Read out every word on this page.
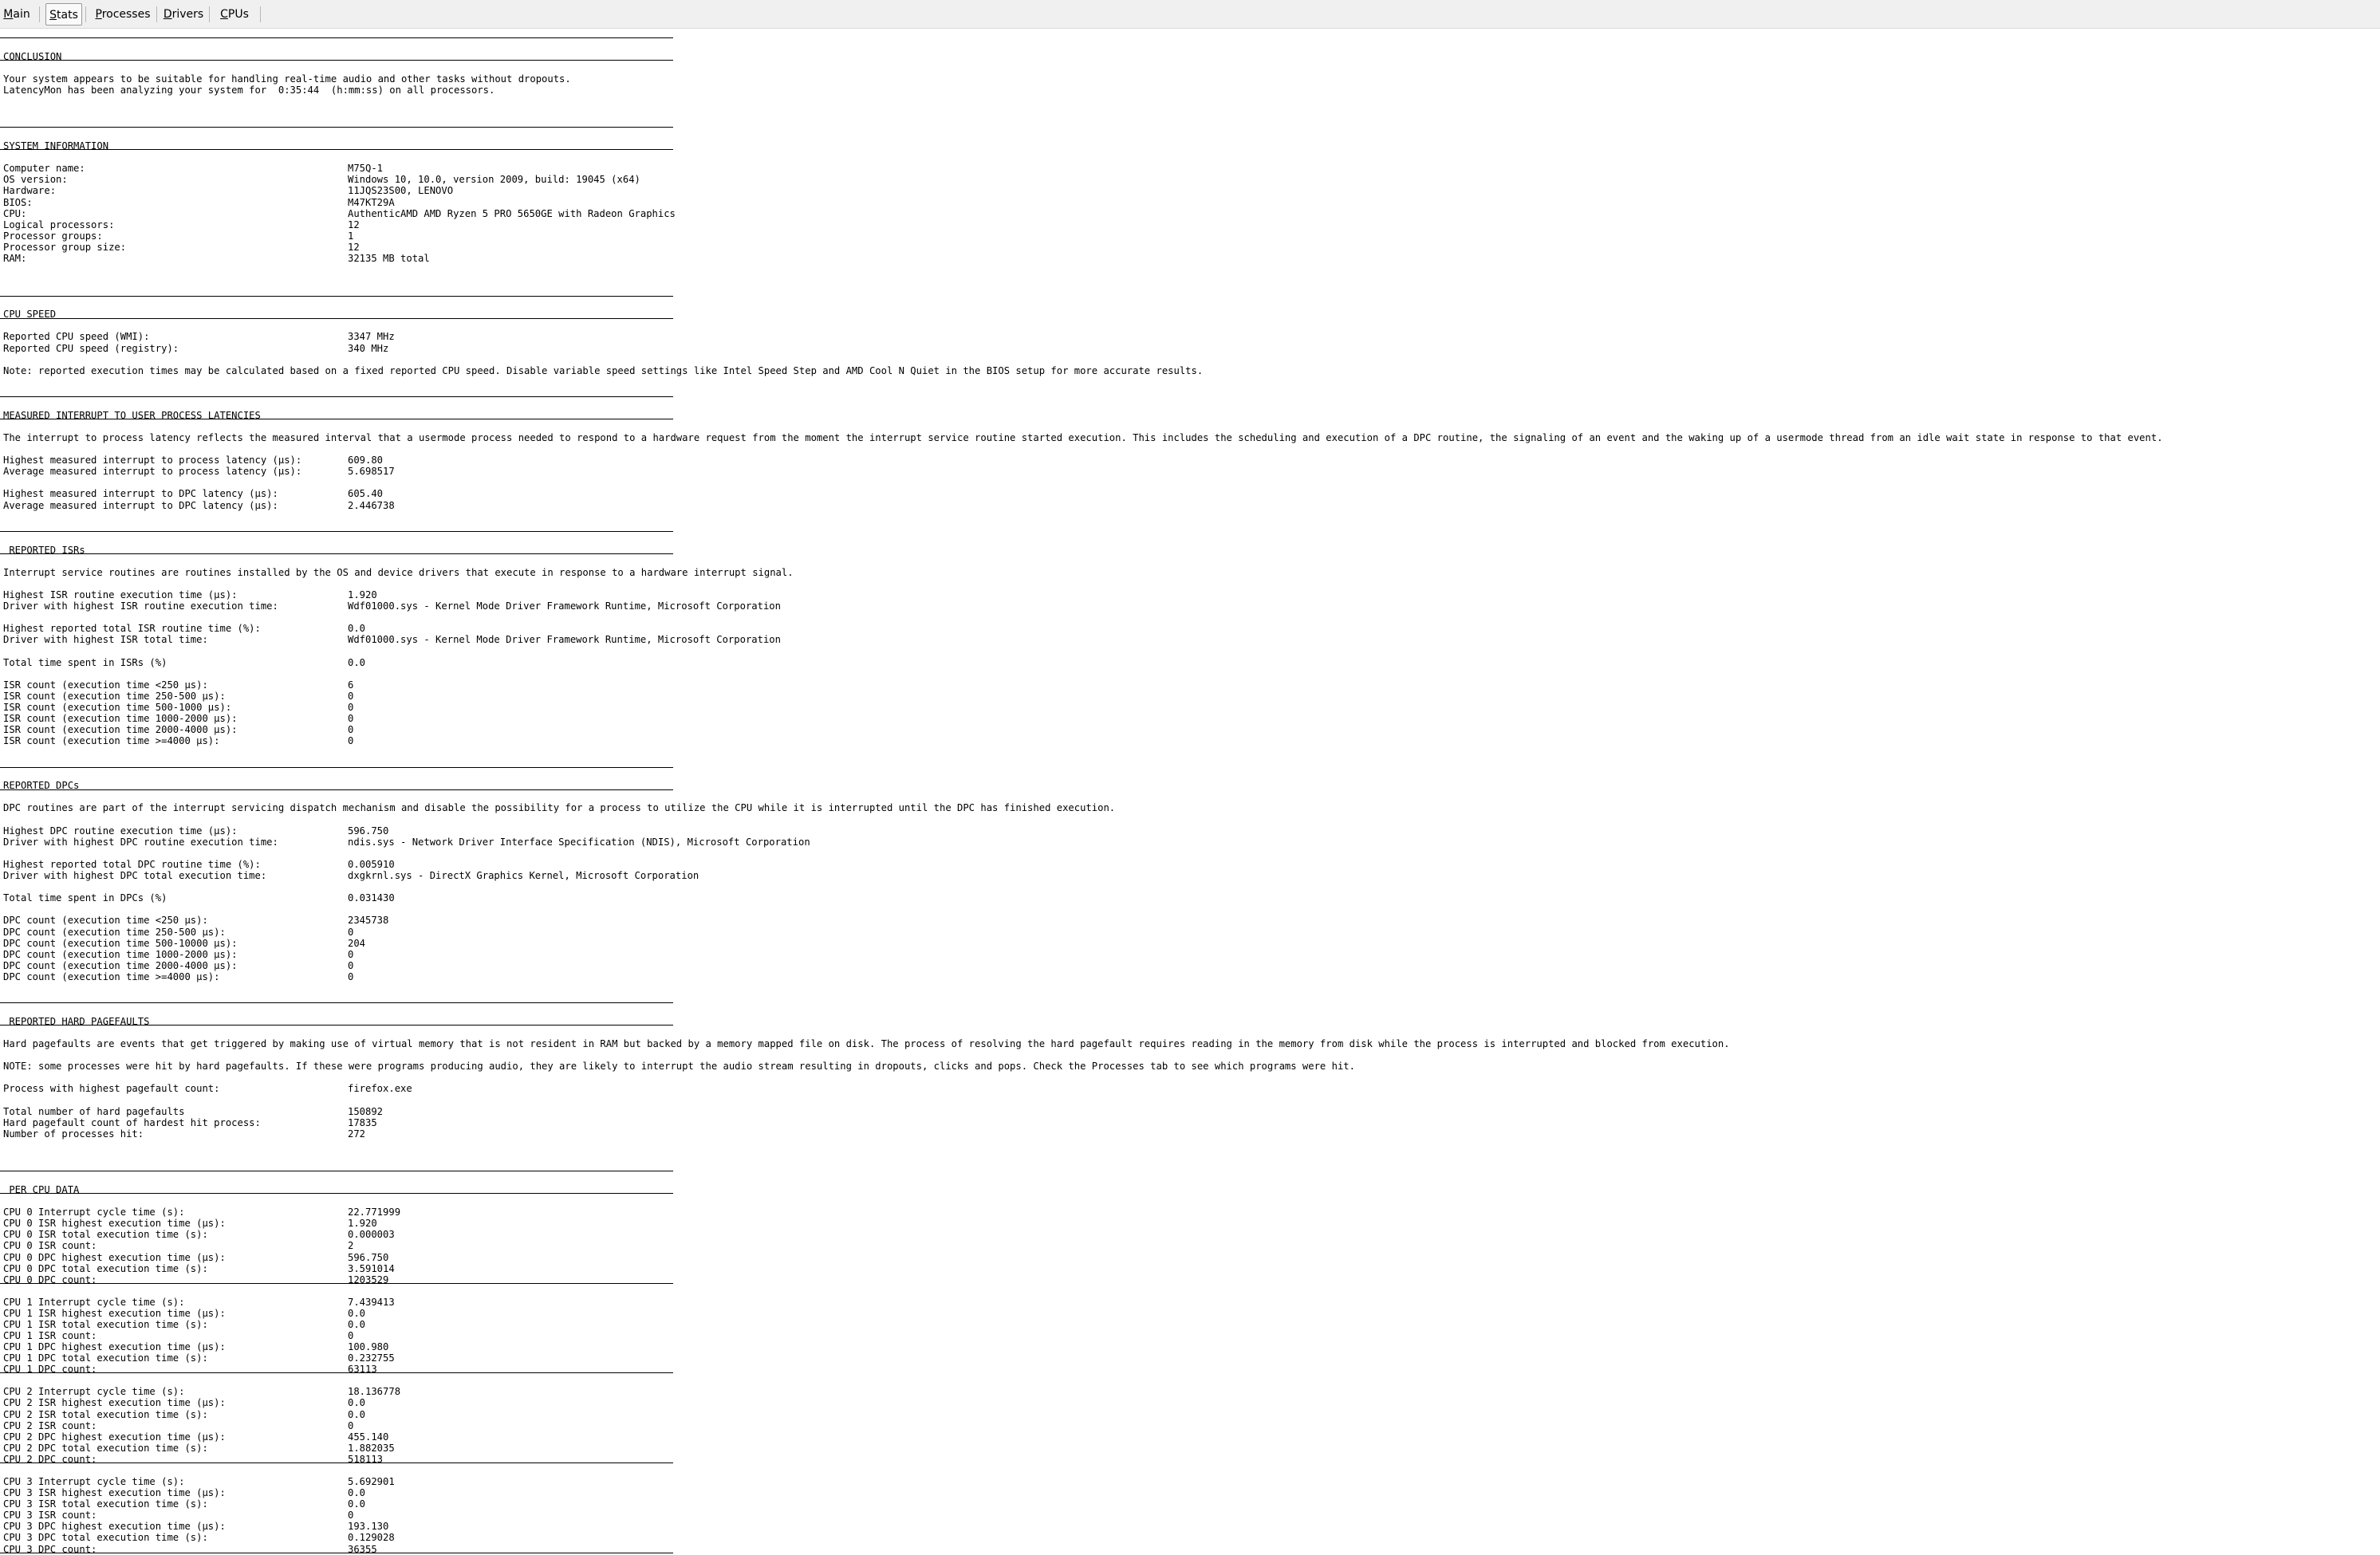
Main	Stats	Processes	Drivers	CPUs
CONCLUSION
Your system appears to be suitable for handling real-time audio and other tasks without dropouts.
LatencyMon has been analyzing your system for  0:35:44  (h:mm:ss) on all processors.
SYSTEM INFORMATION
Computer name:	M75Q-1
OS version:	Windows 10, 10.0, version 2009, build: 19045 (x64)
Hardware:	11JQS23S00, LENOVO
BIOS:	M47KT29A
CPU:	AuthenticAMD AMD Ryzen 5 PRO 5650GE with Radeon Graphics
Logical processors:	12
Processor groups:	1
Processor group size:	12
RAM:	32135 MB total
CPU SPEED
Reported CPU speed (WMI):	3347 MHz
Reported CPU speed (registry):	340 MHz
Note: reported execution times may be calculated based on a fixed reported CPU speed. Disable variable speed settings like Intel Speed Step and AMD Cool N Quiet in the BIOS setup for more accurate results.
MEASURED INTERRUPT TO USER PROCESS LATENCIES
The interrupt to process latency reflects the measured interval that a usermode process needed to respond to a hardware request from the moment the interrupt service routine started execution. This includes the scheduling and execution of a DPC routine, the signaling of an event and the waking up of a usermode thread from an idle wait state in response to that event.
Highest measured interrupt to process latency (µs):	609.80
Average measured interrupt to process latency (µs):	5.698517
Highest measured interrupt to DPC latency (µs):	605.40
Average measured interrupt to DPC latency (µs):	2.446738
REPORTED ISRs
Interrupt service routines are routines installed by the OS and device drivers that execute in response to a hardware interrupt signal.
Highest ISR routine execution time (µs):	1.920
Driver with highest ISR routine execution time:	Wdf01000.sys - Kernel Mode Driver Framework Runtime, Microsoft Corporation
Highest reported total ISR routine time (%):	0.0
Driver with highest ISR total time:	Wdf01000.sys - Kernel Mode Driver Framework Runtime, Microsoft Corporation
Total time spent in ISRs (%)	0.0
ISR count (execution time <250 µs):	6
ISR count (execution time 250-500 µs):	0
ISR count (execution time 500-1000 µs):	0
ISR count (execution time 1000-2000 µs):	0
ISR count (execution time 2000-4000 µs):	0
ISR count (execution time >=4000 µs):	0
REPORTED DPCs
DPC routines are part of the interrupt servicing dispatch mechanism and disable the possibility for a process to utilize the CPU while it is interrupted until the DPC has finished execution.
Highest DPC routine execution time (µs):	596.750
Driver with highest DPC routine execution time:	ndis.sys - Network Driver Interface Specification (NDIS), Microsoft Corporation
Highest reported total DPC routine time (%):	0.005910
Driver with highest DPC total execution time:	dxgkrnl.sys - DirectX Graphics Kernel, Microsoft Corporation
Total time spent in DPCs (%)	0.031430
DPC count (execution time <250 µs):	2345738
DPC count (execution time 250-500 µs):	0
DPC count (execution time 500-10000 µs):	204
DPC count (execution time 1000-2000 µs):	0
DPC count (execution time 2000-4000 µs):	0
DPC count (execution time >=4000 µs):	0
REPORTED HARD PAGEFAULTS
Hard pagefaults are events that get triggered by making use of virtual memory that is not resident in RAM but backed by a memory mapped file on disk. The process of resolving the hard pagefault requires reading in the memory from disk while the process is interrupted and blocked from execution.
NOTE: some processes were hit by hard pagefaults. If these were programs producing audio, they are likely to interrupt the audio stream resulting in dropouts, clicks and pops. Check the Processes tab to see which programs were hit.
Process with highest pagefault count:	firefox.exe
Total number of hard pagefaults	150892
Hard pagefault count of hardest hit process:	17835
Number of processes hit:	272
PER CPU DATA
CPU 0 Interrupt cycle time (s):	22.771999
CPU 0 ISR highest execution time (µs):	1.920
CPU 0 ISR total execution time (s):	0.000003
CPU 0 ISR count:	2
CPU 0 DPC highest execution time (µs):	596.750
CPU 0 DPC total execution time (s):	3.591014
CPU 0 DPC count:	1203529
CPU 1 Interrupt cycle time (s):	7.439413
CPU 1 ISR highest execution time (µs):	0.0
CPU 1 ISR total execution time (s):	0.0
CPU 1 ISR count:	0
CPU 1 DPC highest execution time (µs):	100.980
CPU 1 DPC total execution time (s):	0.232755
CPU 1 DPC count:	63113
CPU 2 Interrupt cycle time (s):	18.136778
CPU 2 ISR highest execution time (µs):	0.0
CPU 2 ISR total execution time (s):	0.0
CPU 2 ISR count:	0
CPU 2 DPC highest execution time (µs):	455.140
CPU 2 DPC total execution time (s):	1.882035
CPU 2 DPC count:	518113
CPU 3 Interrupt cycle time (s):	5.692901
CPU 3 ISR highest execution time (µs):	0.0
CPU 3 ISR total execution time (s):	0.0
CPU 3 ISR count:	0
CPU 3 DPC highest execution time (µs):	193.130
CPU 3 DPC total execution time (s):	0.129028
CPU 3 DPC count:	36355
